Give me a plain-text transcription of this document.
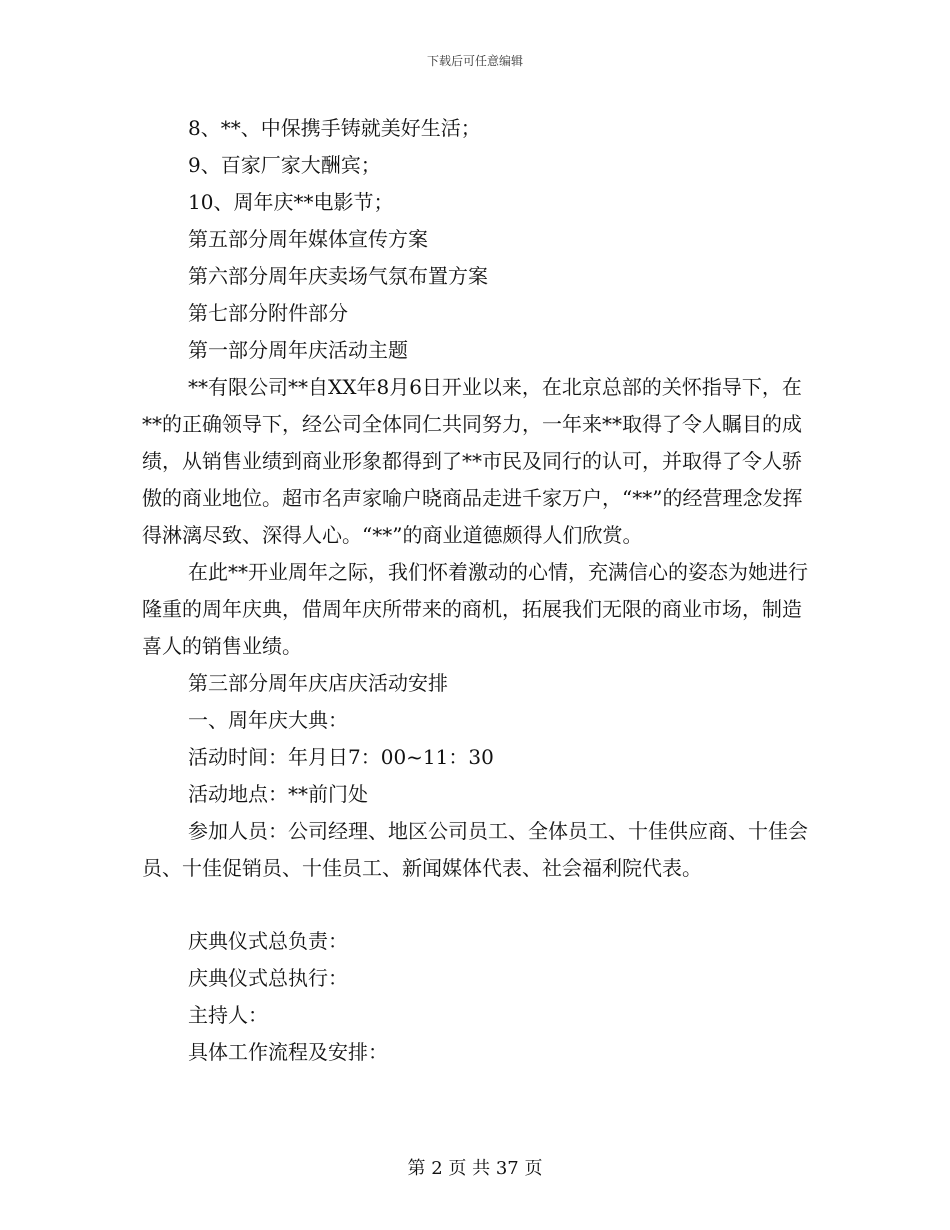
下载后可任意编辑

8、**、中保携手铸就美好生活；

9、百家厂家大酬宾；

10、周年庆**电影节；

第五部分周年媒体宣传方案

第六部分周年庆卖场气氛布置方案

第七部分附件部分

第一部分周年庆活动主题

**有限公司**自XX年8月6日开业以来，在北京总部的关怀指导下，在**的正确领导下，经公司全体同仁共同努力，一年来**取得了令人瞩目的成绩，从销售业绩到商业形象都得到了**市民及同行的认可，并取得了令人骄傲的商业地位。超市名声家喻户晓商品走进千家万户，“**”的经营理念发挥得淋漓尽致、深得人心。“**”的商业道德颇得人们欣赏。

在此**开业周年之际，我们怀着激动的心情，充满信心的姿态为她进行隆重的周年庆典，借周年庆所带来的商机，拓展我们无限的商业市场，制造喜人的销售业绩。

第三部分周年庆店庆活动安排

一、周年庆大典：

活动时间：年月日7：00~11：30

活动地点：**前门处

参加人员：公司经理、地区公司员工、全体员工、十佳供应商、十佳会员、十佳促销员、十佳员工、新闻媒体代表、社会福利院代表。

庆典仪式总负责：

庆典仪式总执行：

主持人：

具体工作流程及安排：

第 2 页 共 37 页
